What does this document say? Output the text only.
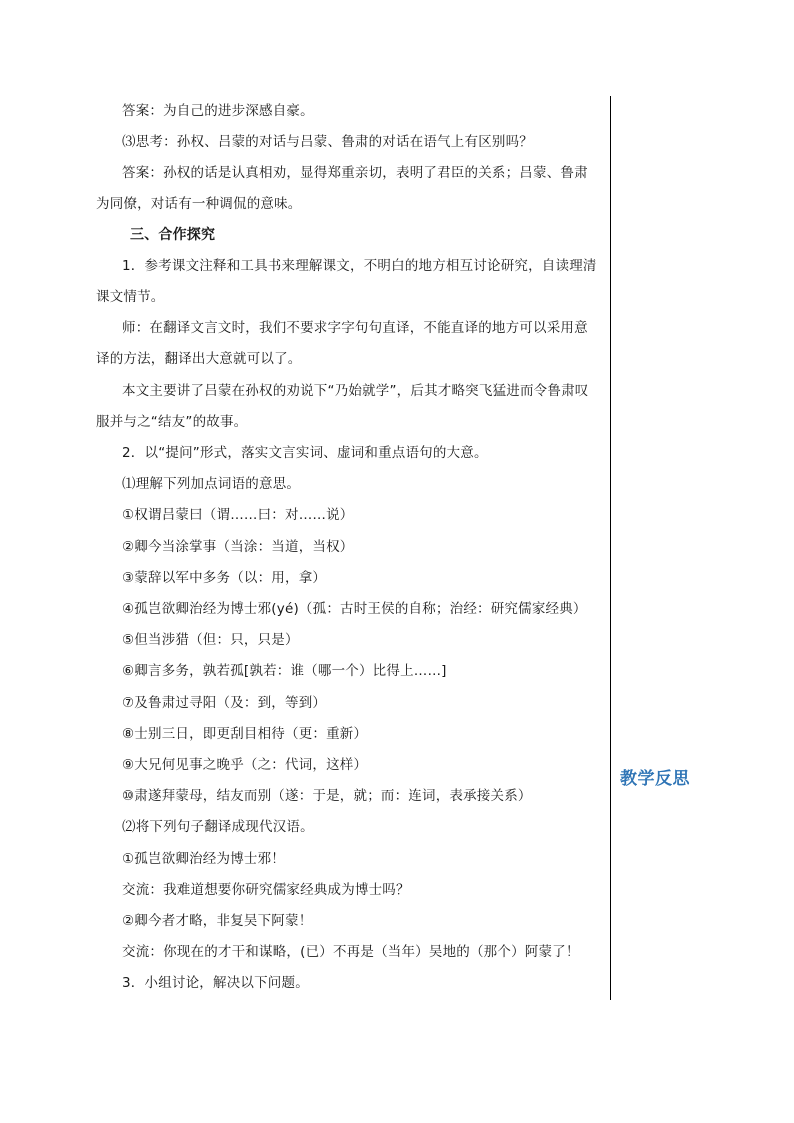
答案：为自己的进步深感自豪。
⑶思考：孙权、吕蒙的对话与吕蒙、鲁肃的对话在语气上有区别吗？
答案：孙权的话是认真相劝，显得郑重亲切，表明了君臣的关系；吕蒙、鲁肃
为同僚，对话有一种调侃的意味。
三、合作探究
1．参考课文注释和工具书来理解课文，不明白的地方相互讨论研究，自读理清
课文情节。
师：在翻译文言文时，我们不要求字字句句直译，不能直译的地方可以采用意
译的方法，翻译出大意就可以了。
本文主要讲了吕蒙在孙权的劝说下“乃始就学”，后其才略突飞猛进而令鲁肃叹
服并与之“结友”的故事。
2．以“提问”形式，落实文言实词、虚词和重点语句的大意。
⑴理解下列加点词语的意思。
①权谓吕蒙曰（谓……曰：对……说）
②卿今当涂掌事（当涂：当道，当权）
③蒙辞以军中多务（以：用，拿）
④孤岂欲卿治经为博士邪(yé)（孤：古时王侯的自称；治经：研究儒家经典）
⑤但当涉猎（但：只，只是）
⑥卿言多务，孰若孤[孰若：谁（哪一个）比得上……]
⑦及鲁肃过寻阳（及：到，等到）
⑧士别三日，即更刮目相待（更：重新）
⑨大兄何见事之晚乎（之：代词，这样）
⑩肃遂拜蒙母，结友而别（遂：于是，就；而：连词，表承接关系）
⑵将下列句子翻译成现代汉语。
①孤岂欲卿治经为博士邪！
交流：我难道想要你研究儒家经典成为博士吗？
②卿今者才略，非复吴下阿蒙！
交流：你现在的才干和谋略，(已）不再是（当年）吴地的（那个）阿蒙了！
3．小组讨论，解决以下问题。
教学反思
